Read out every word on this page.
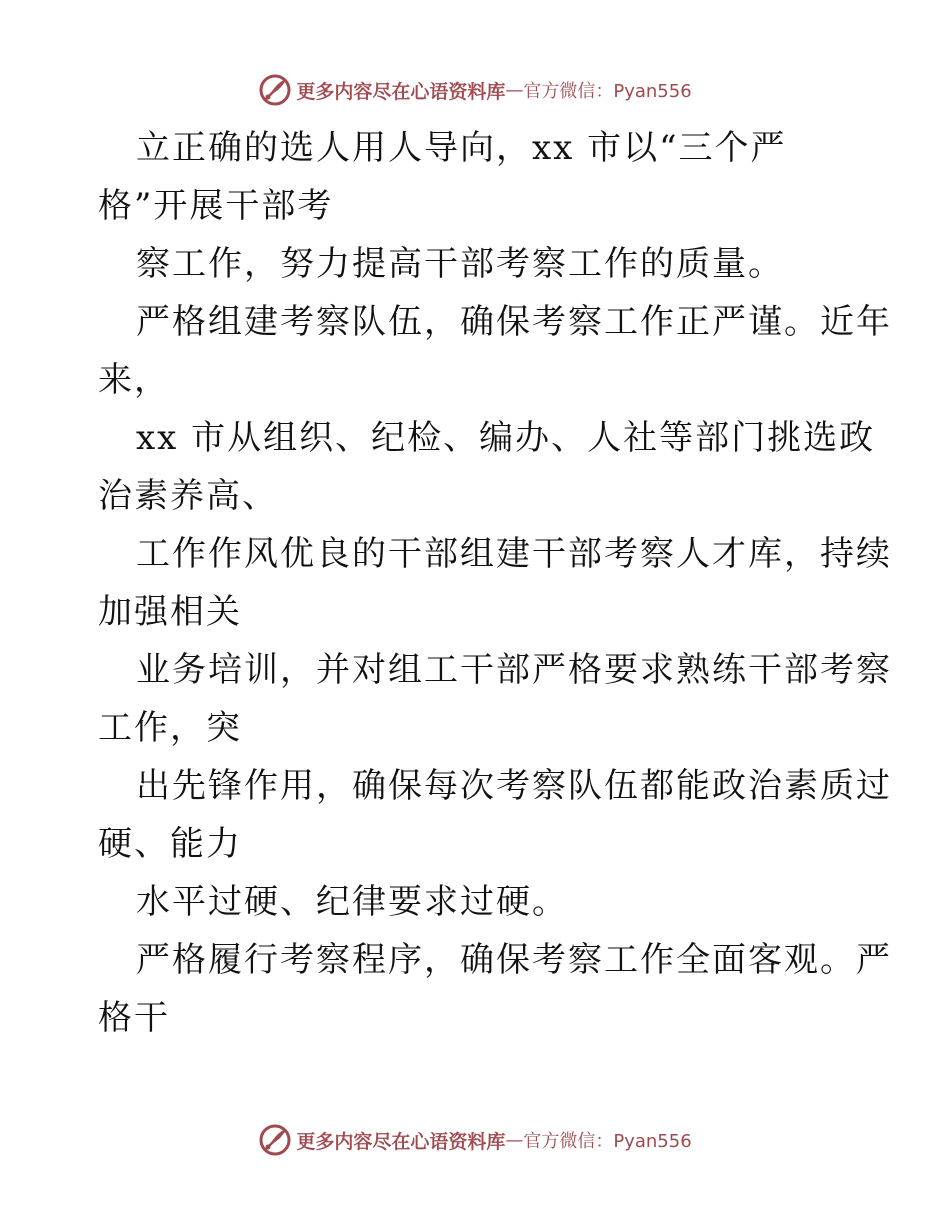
更多内容尽在心语资料库 — 官方微信：Pyan556
立正确的选人用人导向，xx 市以“三个严
格”开展干部考
察工作，努力提高干部考察工作的质量。
严格组建考察队伍，确保考察工作正严谨。近年
来，
xx 市从组织、纪检、编办、人社等部门挑选政
治素养高、
工作作风优良的干部组建干部考察人才库，持续
加强相关
业务培训，并对组工干部严格要求熟练干部考察
工作，突
出先锋作用，确保每次考察队伍都能政治素质过
硬、能力
水平过硬、纪律要求过硬。
严格履行考察程序，确保考察工作全面客观。严
格干
更多内容尽在心语资料库 — 官方微信：Pyan556
